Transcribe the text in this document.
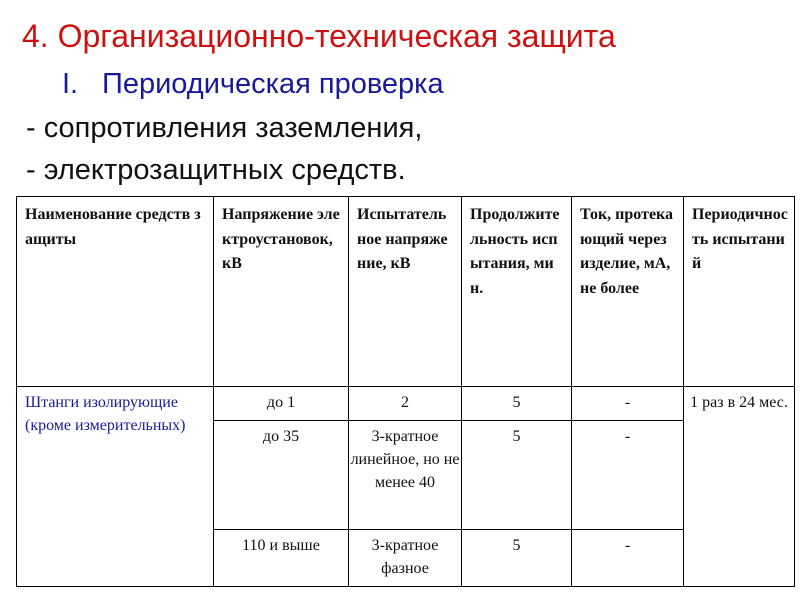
4. Организационно-техническая защита
I. Периодическая проверка
- сопротивления заземления,
- электрозащитных средств.
Наименование средств защиты	Напряжение электроустановок, кВ	Испытательное напряжение, кВ	Продолжительность испытания, мин.	Ток, протекающий через изделие, мА, не более	Периодичность испытаний
Штанги изолирующие (кроме измерительных)	до 1	2	5	-	1 раз в 24 мес.
	до 35	3-кратное линейное, но не менее 40	5	-	
	110 и выше	3-кратное фазное	5	-	
